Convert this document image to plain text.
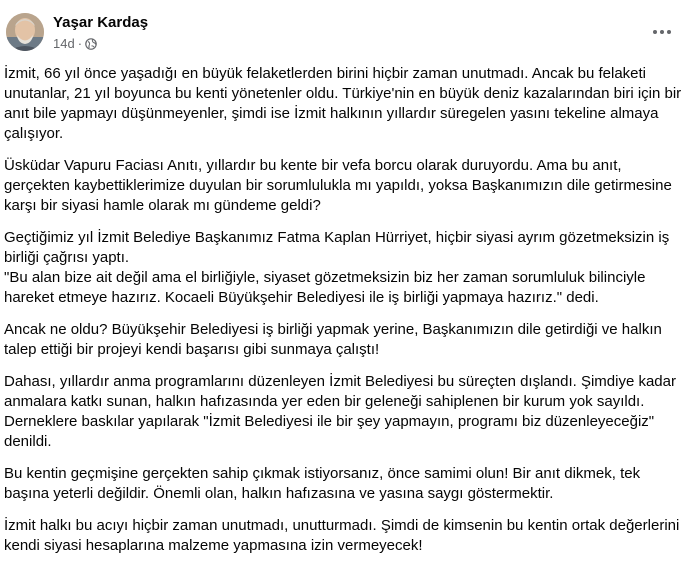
Yaşar Kardaş
14d ·

İzmit, 66 yıl önce yaşadığı en büyük felaketlerden birini hiçbir zaman unutmadı. Ancak bu felaketi unutanlar, 21 yıl boyunca bu kenti yönetenler oldu. Türkiye'nin en büyük deniz kazalarından biri için bir anıt bile yapmayı düşünmeyenler, şimdi ise İzmit halkının yıllardır süregelen yasını tekeline almaya çalışıyor.

Üsküdar Vapuru Faciası Anıtı, yıllardır bu kente bir vefa borcu olarak duruyordu. Ama bu anıt, gerçekten kaybettiklerimize duyulan bir sorumlulukla mı yapıldı, yoksa Başkanımızın dile getirmesine karşı bir siyasi hamle olarak mı gündeme geldi?

Geçtiğimiz yıl İzmit Belediye Başkanımız Fatma Kaplan Hürriyet, hiçbir siyasi ayrım gözetmeksizin iş birliği çağrısı yaptı.

"Bu alan bize ait değil ama el birliğiyle, siyaset gözetmeksizin biz her zaman sorumluluk bilinciyle hareket etmeye hazırız. Kocaeli Büyükşehir Belediyesi ile iş birliği yapmaya hazırız." dedi.

Ancak ne oldu? Büyükşehir Belediyesi iş birliği yapmak yerine, Başkanımızın dile getirdiği ve halkın talep ettiği bir projeyi kendi başarısı gibi sunmaya çalıştı!

Dahası, yıllardır anma programlarını düzenleyen İzmit Belediyesi bu süreçten dışlandı. Şimdiye kadar anmalara katkı sunan, halkın hafızasında yer eden bir geleneği sahiplenen bir kurum yok sayıldı. Derneklere baskılar yapılarak "İzmit Belediyesi ile bir şey yapmayın, programı biz düzenleyeceğiz" denildi.

Bu kentin geçmişine gerçekten sahip çıkmak istiyorsanız, önce samimi olun! Bir anıt dikmek, tek başına yeterli değildir. Önemli olan, halkın hafızasına ve yasına saygı göstermektir.

İzmit halkı bu acıyı hiçbir zaman unutmadı, unutturmadı. Şimdi de kimsenin bu kentin ortak değerlerini kendi siyasi hesaplarına malzeme yapmasına izin vermeyecek!
